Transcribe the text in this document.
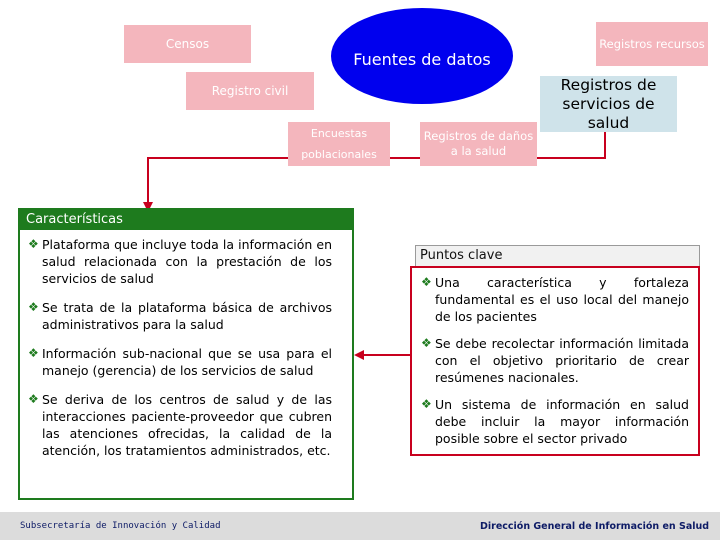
Censos	Registros recursos
Registro civil
Encuestas poblacionales
Registros de daños a la salud
Fuentes de datos
Registros de servicios de salud
Características
❖ Plataforma que incluye toda la información en salud relacionada con la prestación de los servicios de salud
❖ Se trata de la plataforma básica de archivos administrativos para la salud
❖ Información sub-nacional que se usa para el manejo (gerencia) de los servicios de salud
❖ Se deriva de los centros de salud y de las interacciones paciente-proveedor que cubren las atenciones ofrecidas, la calidad de la atención, los tratamientos administrados, etc.
Puntos clave
❖ Una característica y fortaleza fundamental es el uso local del manejo de los pacientes
❖ Se debe recolectar información limitada con el objetivo prioritario de crear resúmenes nacionales.
❖ Un sistema de información en salud debe incluir la mayor información posible sobre el sector privado
Subsecretaría de Innovación y Calidad	Dirección General de Información en Salud
